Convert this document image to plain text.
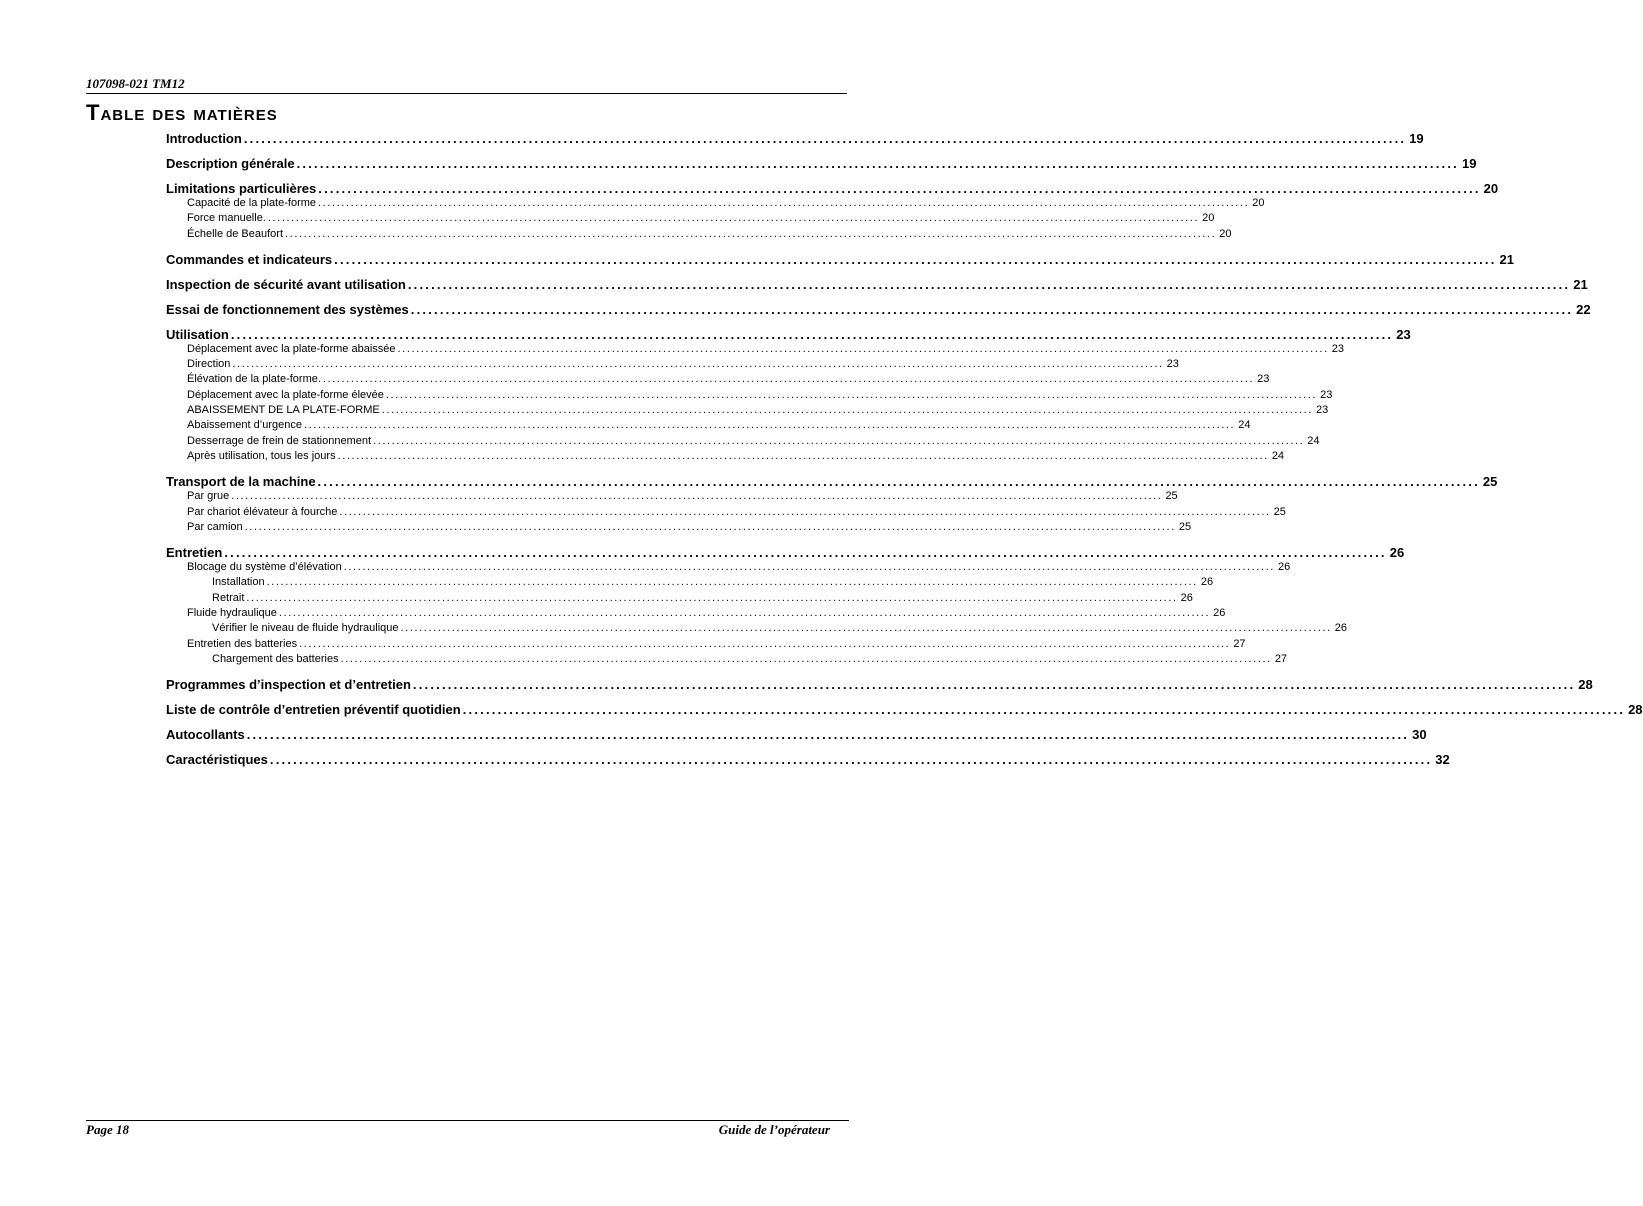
107098-021 TM12
Table des matières
Introduction ........................................................................................................................................................................................................ 19
Description générale ........................................................................................................................................................................................................ 19
Limitations particulières ........................................................................................................................................................................................................ 20
Capacité de la plate-forme ........................................................................................................................................................................................................ 20
Force manuelle. ........................................................................................................................................................................................................ 20
Échelle de Beaufort ........................................................................................................................................................................................................ 20
Commandes et indicateurs ........................................................................................................................................................................................................ 21
Inspection de sécurité avant utilisation ........................................................................................................................................................................................................ 21
Essai de fonctionnement des systèmes ........................................................................................................................................................................................................ 22
Utilisation ........................................................................................................................................................................................................ 23
Déplacement avec la plate-forme abaissée ........................................................................................................................................................................................................ 23
Direction ........................................................................................................................................................................................................ 23
Élévation de la plate-forme. ........................................................................................................................................................................................................ 23
Déplacement avec la plate-forme élevée ........................................................................................................................................................................................................ 23
ABAISSEMENT DE LA PLATE-FORME ........................................................................................................................................................................................................ 23
Abaissement d’urgence ........................................................................................................................................................................................................ 24
Desserrage de frein de stationnement ........................................................................................................................................................................................................ 24
Après utilisation, tous les jours ........................................................................................................................................................................................................ 24
Transport de la machine ........................................................................................................................................................................................................ 25
Par grue ........................................................................................................................................................................................................ 25
Par chariot élévateur à fourche ........................................................................................................................................................................................................ 25
Par camion ........................................................................................................................................................................................................ 25
Entretien ........................................................................................................................................................................................................ 26
Blocage du système d’élévation ........................................................................................................................................................................................................ 26
Installation ........................................................................................................................................................................................................ 26
Retrait ........................................................................................................................................................................................................ 26
Fluide hydraulique ........................................................................................................................................................................................................ 26
Vérifier le niveau de fluide hydraulique ........................................................................................................................................................................................................ 26
Entretien des batteries ........................................................................................................................................................................................................ 27
Chargement des batteries ........................................................................................................................................................................................................ 27
Programmes d’inspection et d’entretien ........................................................................................................................................................................................................ 28
Liste de contrôle d’entretien préventif quotidien ........................................................................................................................................................................................................ 28
Autocollants ........................................................................................................................................................................................................ 30
Caractéristiques ........................................................................................................................................................................................................ 32
Page 18	Guide de l’opérateur
